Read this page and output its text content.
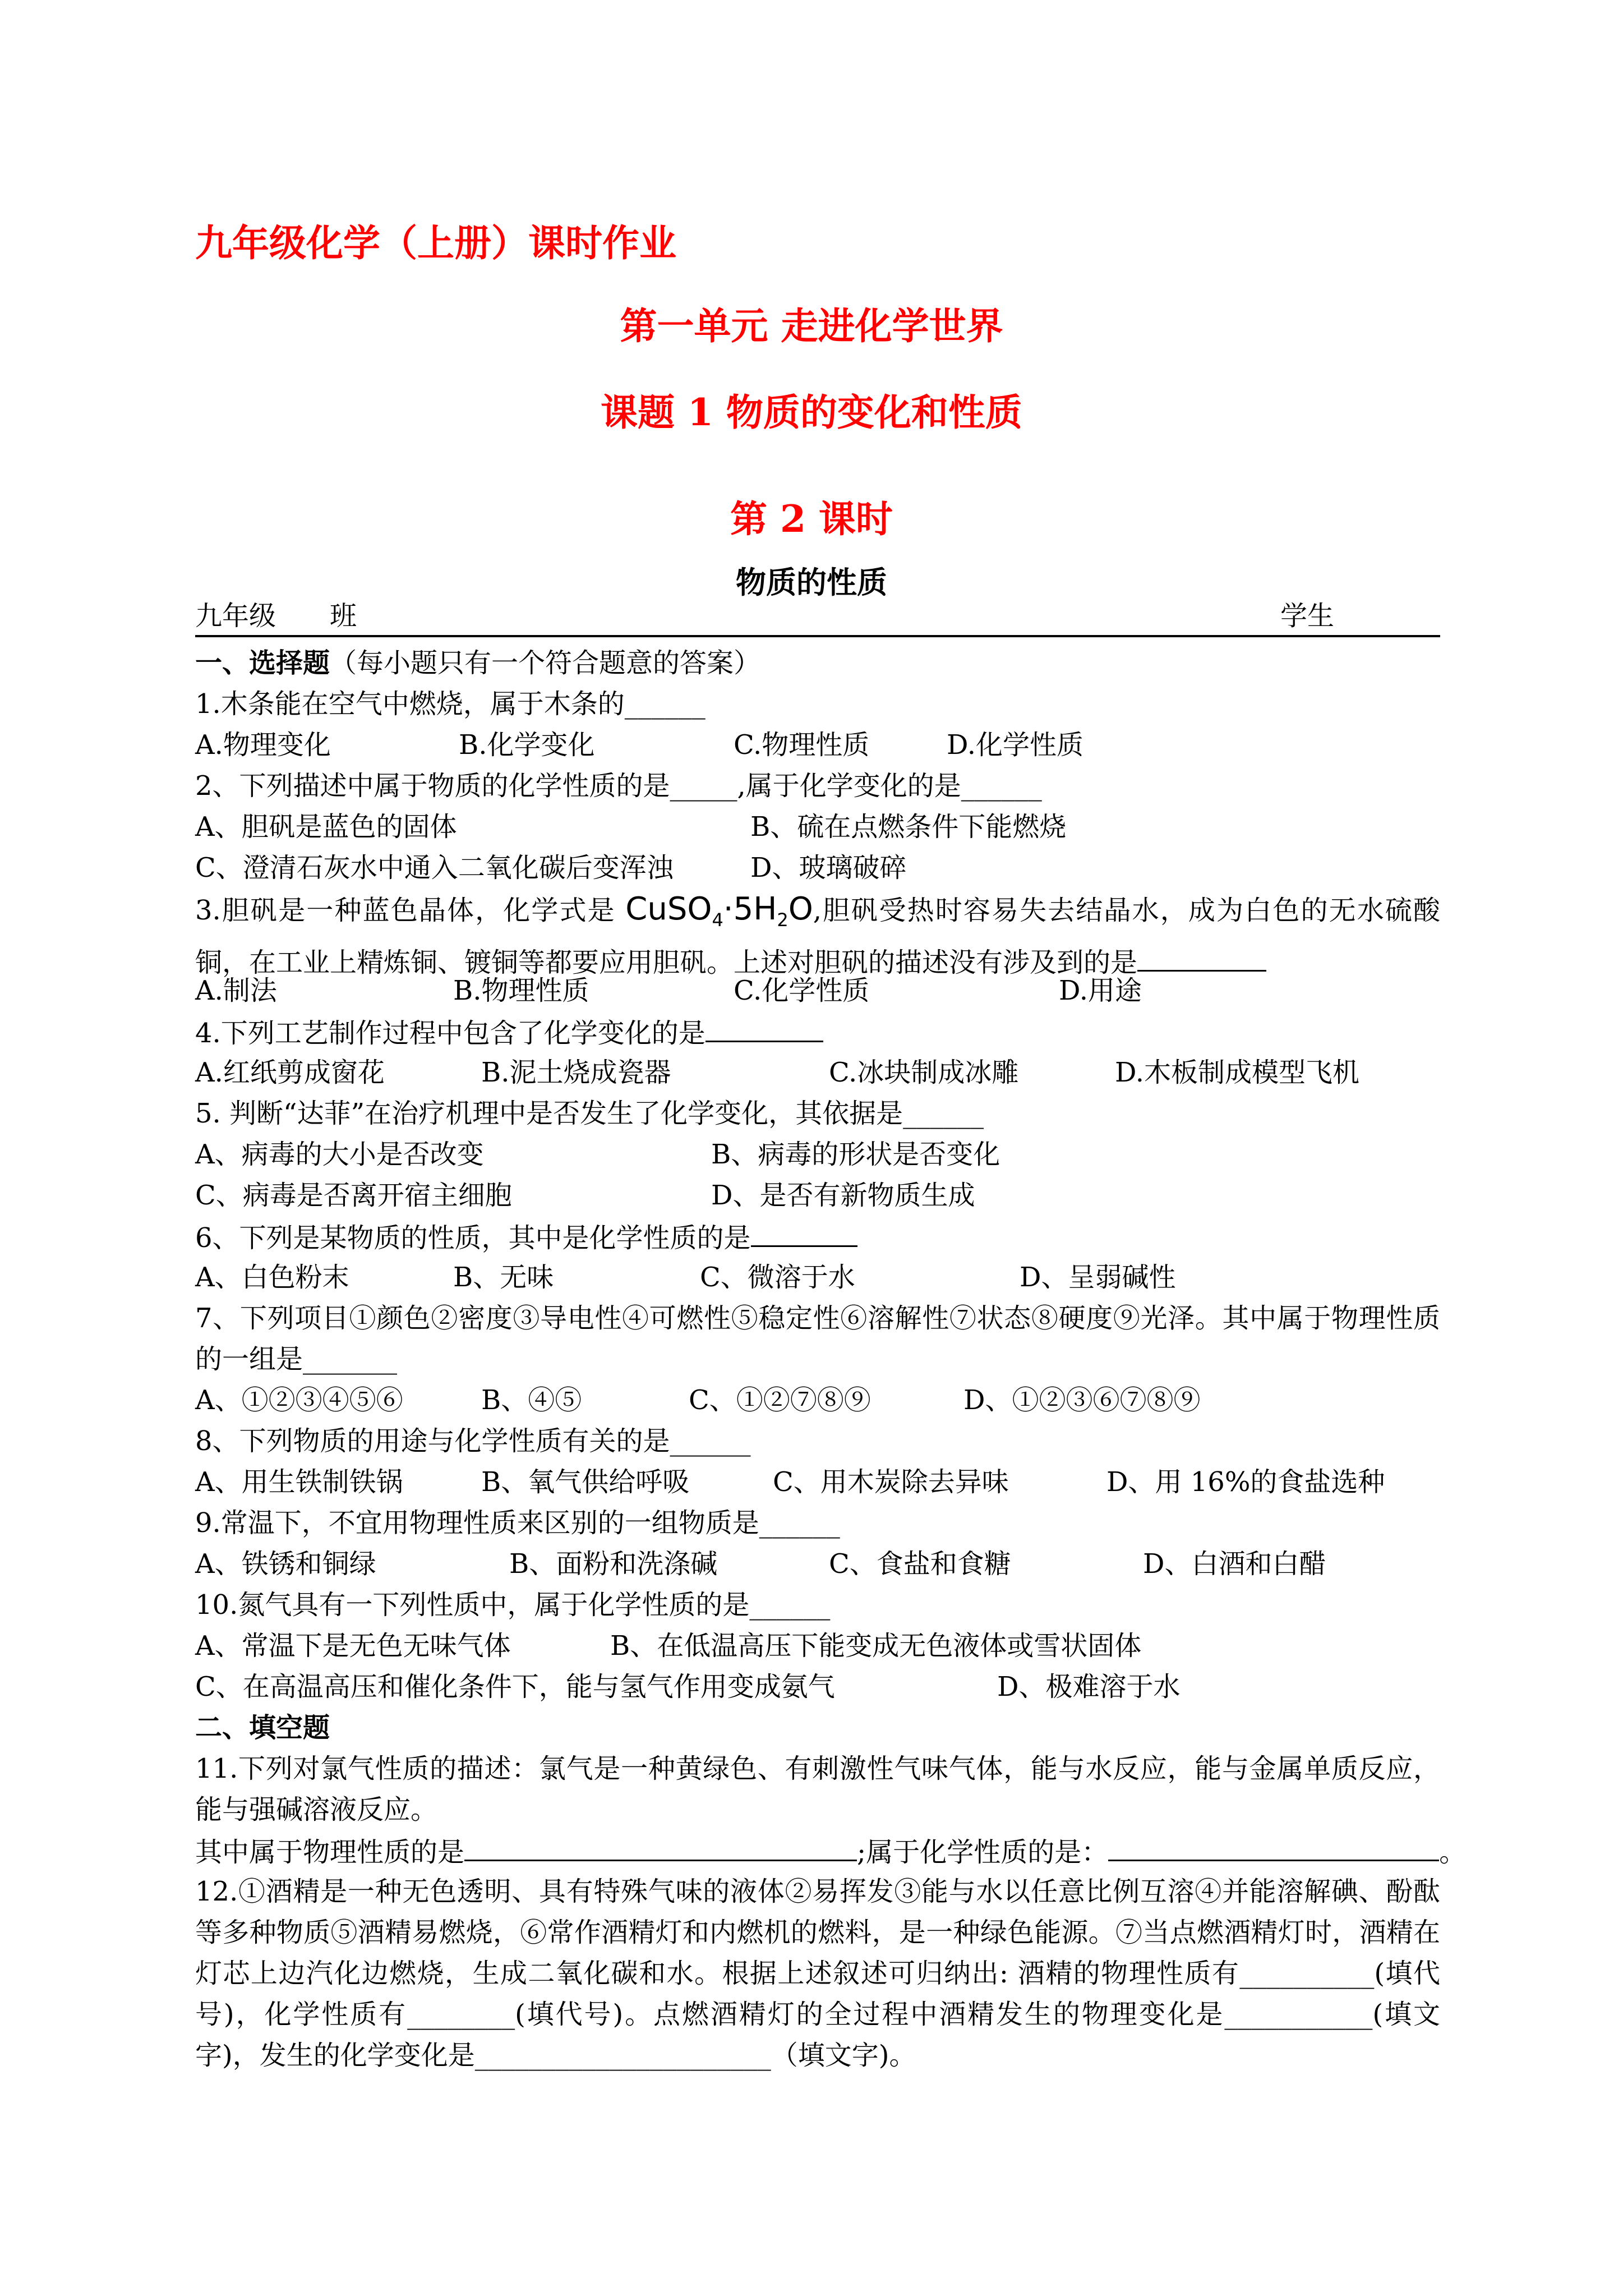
九年级化学（上册）课时作业
第一单元 走进化学世界
课题 1 物质的变化和性质
第 2 课时
物质的性质
九年级 班	学生
一、选择题（每小题只有一个符合题意的答案）
1.木条能在空气中燃烧，属于木条的______
A.物理变化	B.化学变化	C.物理性质	D.化学性质
2、下列描述中属于物质的化学性质的是_____,属于化学变化的是______
A、胆矾是蓝色的固体	B、硫在点燃条件下能燃烧
C、澄清石灰水中通入二氧化碳后变浑浊	D、玻璃破碎
3.胆矾是一种蓝色晶体，化学式是 $CuSO_4\cdot 5H_2O$,胆矾受热时容易失去结晶水，成为白色的无水硫酸铜，在工业上精炼铜、镀铜等都要应用胆矾。上述对胆矾的描述没有涉及到的是
A.制法	B.物理性质	C.化学性质	D.用途
4.下列工艺制作过程中包含了化学变化的是
A.红纸剪成窗花	B.泥土烧成瓷器	C.冰块制成冰雕	D.木板制成模型飞机
5. 判断“达菲”在治疗机理中是否发生了化学变化，其依据是______
A、病毒的大小是否改变	B、病毒的形状是否变化
C、病毒是否离开宿主细胞	D、是否有新物质生成
6、下列是某物质的性质，其中是化学性质的是
A、白色粉末	B、无味	C、微溶于水	D、呈弱碱性
7、下列项目①颜色②密度③导电性④可燃性⑤稳定性⑥溶解性⑦状态⑧硬度⑨光泽。其中属于物理性质的一组是_______
A、①②③④⑤⑥	B、④⑤	C、①②⑦⑧⑨	D、①②③⑥⑦⑧⑨
8、下列物质的用途与化学性质有关的是______
A、用生铁制铁锅	B、氧气供给呼吸	C、用木炭除去异味	D、用 16%的食盐选种
9.常温下，不宜用物理性质来区别的一组物质是______
A、铁锈和铜绿	B、面粉和洗涤碱	C、食盐和食糖	D、白酒和白醋
10.氮气具有一下列性质中，属于化学性质的是______
A、常温下是无色无味气体	B、在低温高压下能变成无色液体或雪状固体
C、在高温高压和催化条件下，能与氢气作用变成氨气	D、极难溶于水
二、填空题
11.下列对氯气性质的描述：氯气是一种黄绿色、有刺激性气味气体，能与水反应，能与金属单质反应，能与强碱溶液反应。
其中属于物理性质的是	;属于化学性质的是：	。
12.①酒精是一种无色透明、具有特殊气味的液体②易挥发③能与水以任意比例互溶④并能溶解碘、酚酞等多种物质⑤酒精易燃烧，⑥常作酒精灯和内燃机的燃料，是一种绿色能源。⑦当点燃酒精灯时，酒精在灯芯上边汽化边燃烧，生成二氧化碳和水。根据上述叙述可归纳出: 酒精的物理性质有__________(填代号)，化学性质有________(填代号)。点燃酒精灯的全过程中酒精发生的物理变化是___________(填文字)，发生的化学变化是______________________（填文字)。
